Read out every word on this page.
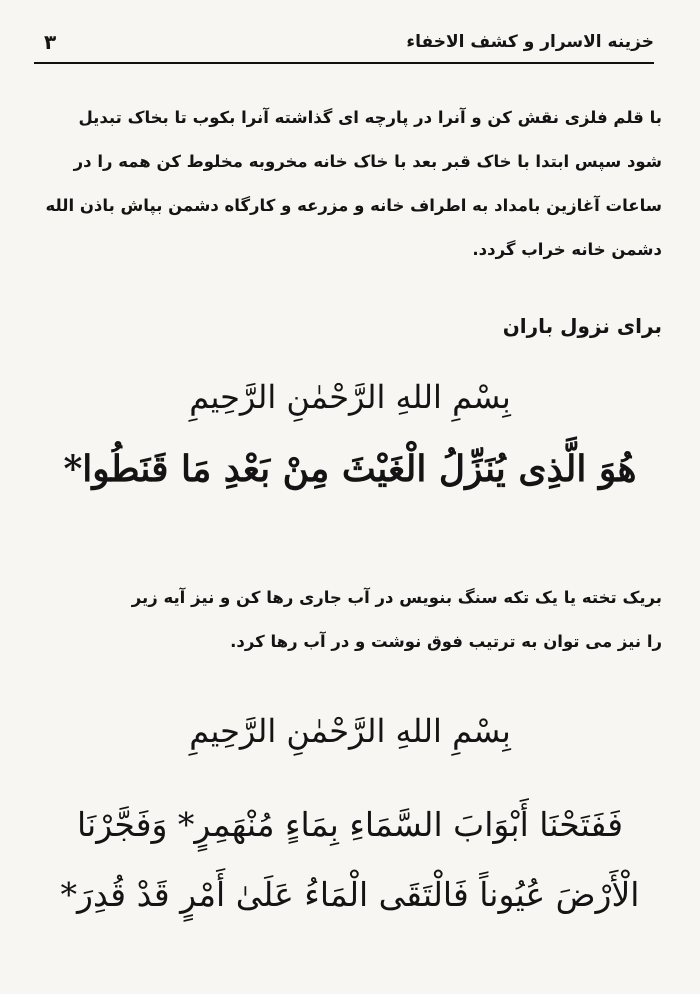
خزینه الاسرار و کشف الاخفاء
۳
با قلم فلزی نقش کن و آنرا در پارچه ای گذاشته آنرا بکوب تا بخاک تبدیل
شود سپس ابتدا با خاک قبر بعد با خاک خانه مخروبه مخلوط کن همه را در
ساعات آغازین بامداد به اطراف خانه و مزرعه و کارگاه دشمن بپاش باذن الله
دشمن خانه خراب گردد.
برای نزول باران
بِسْمِ اللهِ الرَّحْمٰنِ الرَّحِيمِ
هُوَ الَّذِی يُنَزِّلُ الْغَيْثَ مِنْ بَعْدِ مَا قَنَطُوا*
بریک تخته یا یک تکه سنگ بنویس در آب جاری رها کن و نیز آیه زیر
را نیز می توان به ترتیب فوق نوشت و در آب رها کرد.
بِسْمِ اللهِ الرَّحْمٰنِ الرَّحِيمِ
فَفَتَحْنَا أَبْوَابَ السَّمَاءِ بِمَاءٍ مُنْهَمِرٍ* وَفَجَّرْنَا
الْأَرْضَ عُيُوناً فَالْتَقَى الْمَاءُ عَلَىٰ أَمْرٍ قَدْ قُدِرَ*
